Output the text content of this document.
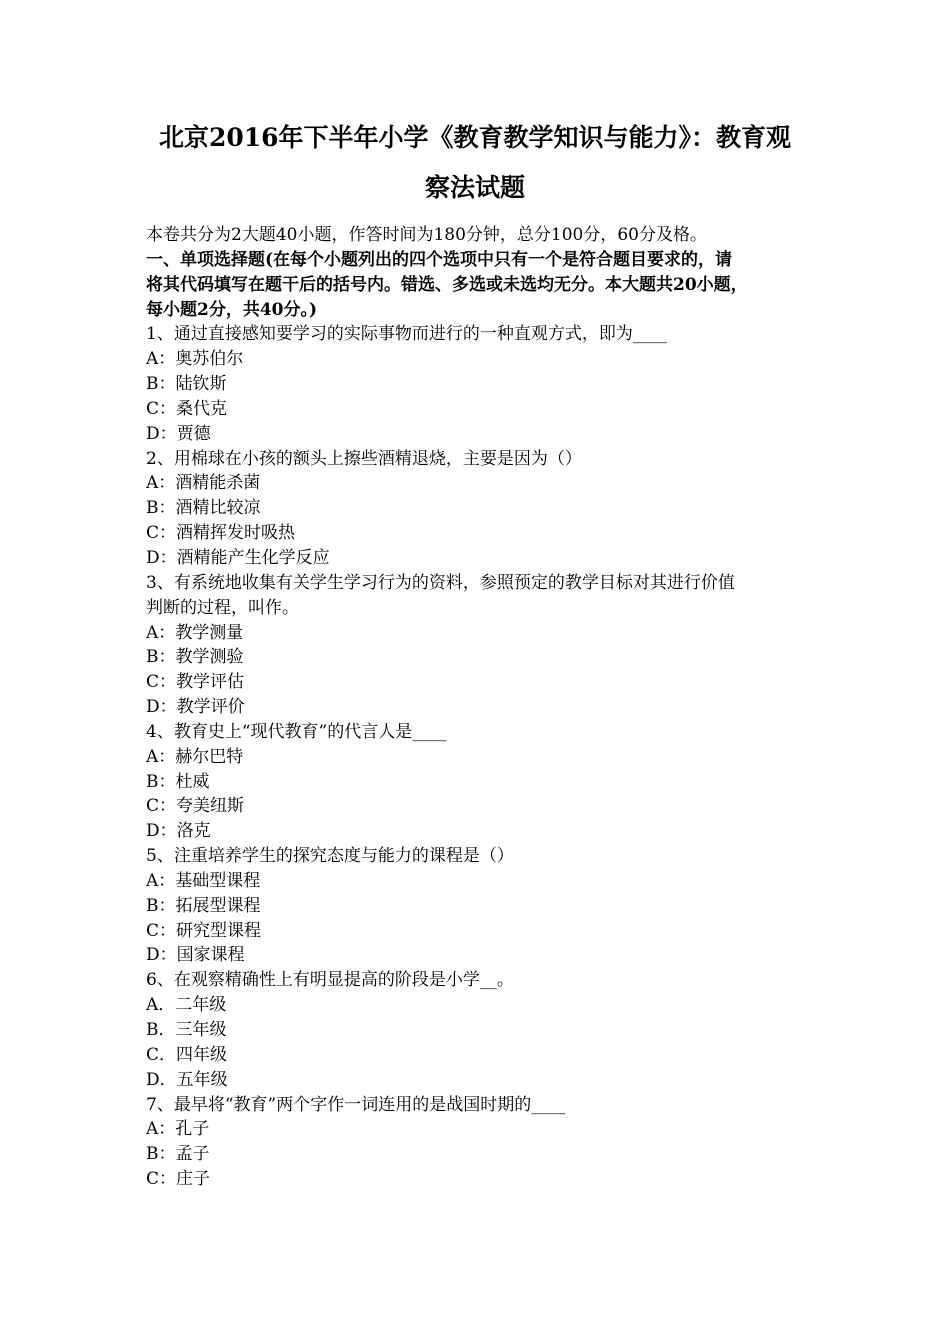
北京2016年下半年小学《教育教学知识与能力》：教育观
察法试题
本卷共分为2大题40小题，作答时间为180分钟，总分100分，60分及格。
一、单项选择题(在每个小题列出的四个选项中只有一个是符合题目要求的，请
将其代码填写在题干后的括号内。错选、多选或未选均无分。本大题共20小题，
每小题2分，共40分。)
1、通过直接感知要学习的实际事物而进行的一种直观方式，即为____
A：奥苏伯尔
B：陆钦斯
C：桑代克
D：贾德
2、用棉球在小孩的额头上擦些酒精退烧，主要是因为（）
A：酒精能杀菌
B：酒精比较凉
C：酒精挥发时吸热
D：酒精能产生化学反应
3、有系统地收集有关学生学习行为的资料，参照预定的教学目标对其进行价值
判断的过程，叫作。
A：教学测量
B：教学测验
C：教学评估
D：教学评价
4、教育史上“现代教育”的代言人是____
A：赫尔巴特
B：杜威
C：夸美纽斯
D：洛克
5、注重培养学生的探究态度与能力的课程是（）
A：基础型课程
B：拓展型课程
C：研究型课程
D：国家课程
6、在观察精确性上有明显提高的阶段是小学__。
A．二年级
B．三年级
C．四年级
D．五年级
7、最早将“教育”两个字作一词连用的是战国时期的____
A：孔子
B：孟子
C：庄子
